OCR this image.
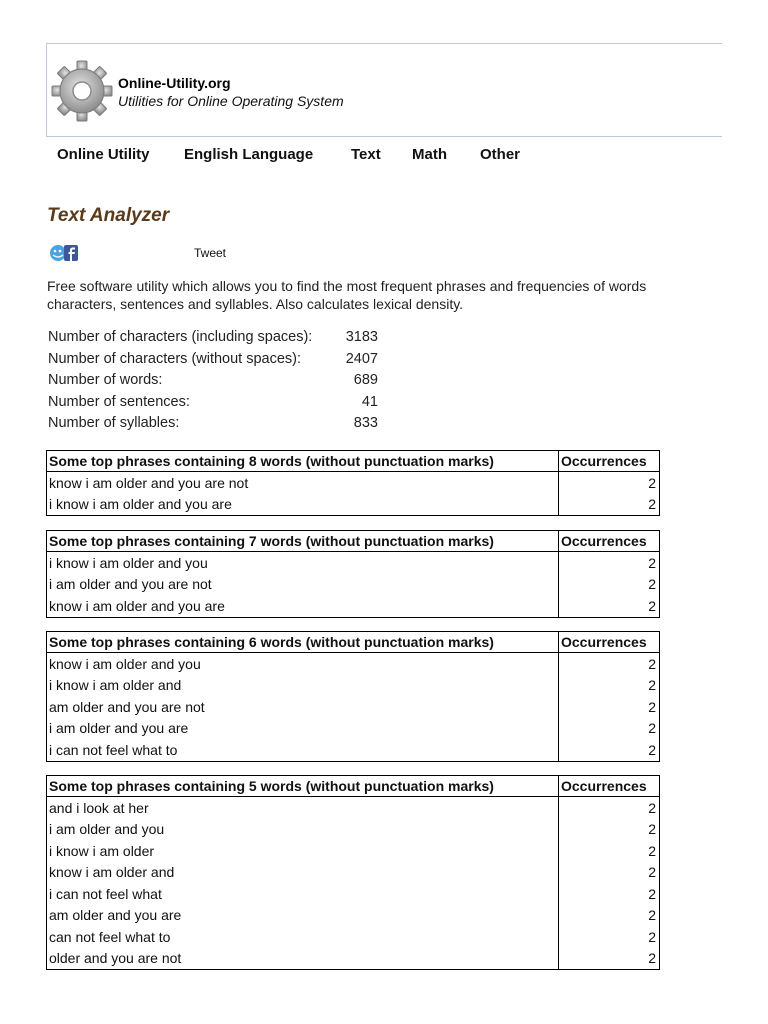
Online-Utility.org
Utilities for Online Operating System
Online Utility English Language	Text Math Other
Text Analyzer
Tweet
Free software utility which allows you to find the most frequent phrases and frequencies of words
characters, sentences and syllables. Also calculates lexical density.
Number of characters (including spaces): 3183
Number of characters (without spaces):	2407
Number of words:	689
Number of sentences:	41
Number of syllables:	833
Some top phrases containing 8 words (without punctuation marks)	Occurrences
know i am older and you are not	2
i know i am older and you are	2
Some top phrases containing 7 words (without punctuation marks)	Occurrences
i know i am older and you	2
i am older and you are not	2
know i am older and you are	2
Some top phrases containing 6 words (without punctuation marks)	Occurrences
know i am older and you	2
i know i am older and	2
am older and you are not	2
i am older and you are	2
i can not feel what to	2
Some top phrases containing 5 words (without punctuation marks)	Occurrences
and i look at her	2
i am older and you	2
i know i am older	2
know i am older and	2
i can not feel what	2
am older and you are	2
can not feel what to	2
older and you are not	2
